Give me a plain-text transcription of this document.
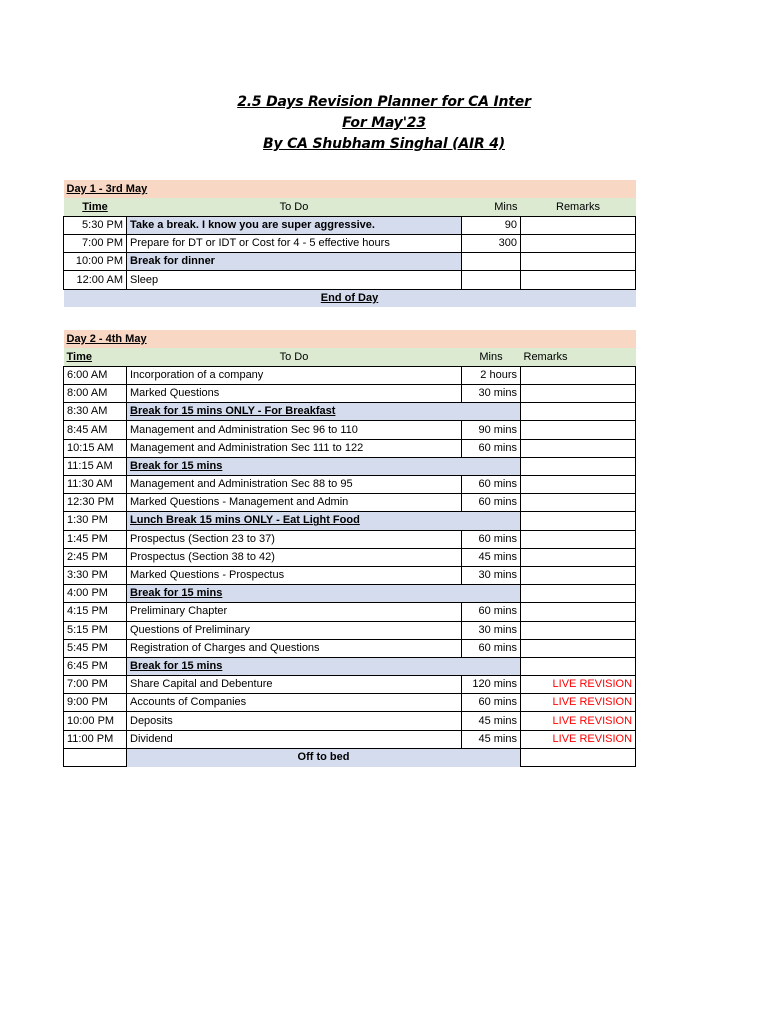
2.5 Days Revision Planner for CA Inter
For May'23
By CA Shubham Singhal (AIR 4)
Day 1 - 3rd May			
Time	To Do	Mins	Remarks
5:30 PM	Take a break. I know you are super aggressive.	90	
7:00 PM	Prepare for DT or IDT or Cost for 4 - 5 effective hours	300	
10:00 PM	Break for dinner		
12:00 AM	Sleep		
End of Day			
Day 2 - 4th May			
Time	To Do	Mins	Remarks
6:00 AM	Incorporation of a company	2 hours	
8:00 AM	Marked Questions	30 mins	
8:30 AM	Break for 15 mins ONLY - For Breakfast		
8:45 AM	Management and Administration Sec 96 to 110	90 mins	
10:15 AM	Management and Administration Sec 111 to 122	60 mins	
11:15 AM	Break for 15 mins		
11:30 AM	Management and Administration Sec 88 to 95	60 mins	
12:30 PM	Marked Questions - Management and Admin	60 mins	
1:30 PM	Lunch Break 15 mins ONLY - Eat Light Food		
1:45 PM	Prospectus (Section 23 to 37)	60 mins	
2:45 PM	Prospectus (Section 38 to 42)	45 mins	
3:30 PM	Marked Questions - Prospectus	30 mins	
4:00 PM	Break for 15 mins		
4:15 PM	Preliminary Chapter	60 mins	
5:15 PM	Questions of Preliminary	30 mins	
5:45 PM	Registration of Charges and Questions	60 mins	
6:45 PM	Break for 15 mins		
7:00 PM	Share Capital and Debenture	120 mins	LIVE REVISION
9:00 PM	Accounts of Companies	60 mins	LIVE REVISION
10:00 PM	Deposits	45 mins	LIVE REVISION
11:00 PM	Dividend	45 mins	LIVE REVISION
	Off to bed		
